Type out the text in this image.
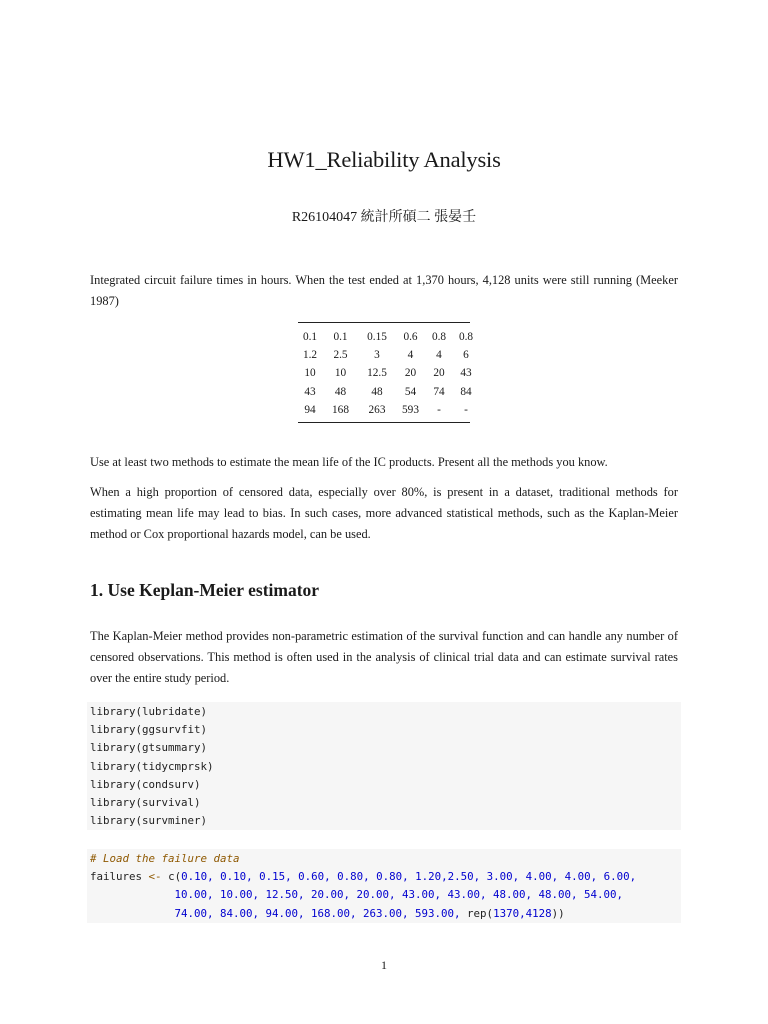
HW1_Reliability Analysis
R26104047 統計所碩二 張晏壬
Integrated circuit failure times in hours. When the test ended at 1,370 hours, 4,128 units were still running (Meeker 1987)
0.1	0.1	0.15	0.6	0.8	0.8
1.2	2.5	3	4	4	6
10	10	12.5	20	20	43
43	48	48	54	74	84
94	168	263	593	-	-
Use at least two methods to estimate the mean life of the IC products. Present all the methods you know.
When a high proportion of censored data, especially over 80%, is present in a dataset, traditional methods for estimating mean life may lead to bias. In such cases, more advanced statistical methods, such as the Kaplan-Meier method or Cox proportional hazards model, can be used.
1. Use Keplan-Meier estimator
The Kaplan-Meier method provides non-parametric estimation of the survival function and can handle any number of censored observations. This method is often used in the analysis of clinical trial data and can estimate survival rates over the entire study period.
library(lubridate)
library(ggsurvfit)
library(gtsummary)
library(tidycmprsk)
library(condsurv)
library(survival)
library(survminer)
# Load the failure data
failures <- c(0.10, 0.10, 0.15, 0.60, 0.80, 0.80, 1.20,2.50, 3.00, 4.00, 4.00, 6.00,
10.00, 10.00, 12.50, 20.00, 20.00, 43.00, 43.00, 48.00, 48.00, 54.00,
74.00, 84.00, 94.00, 168.00, 263.00, 593.00, rep(1370,4128))
1
